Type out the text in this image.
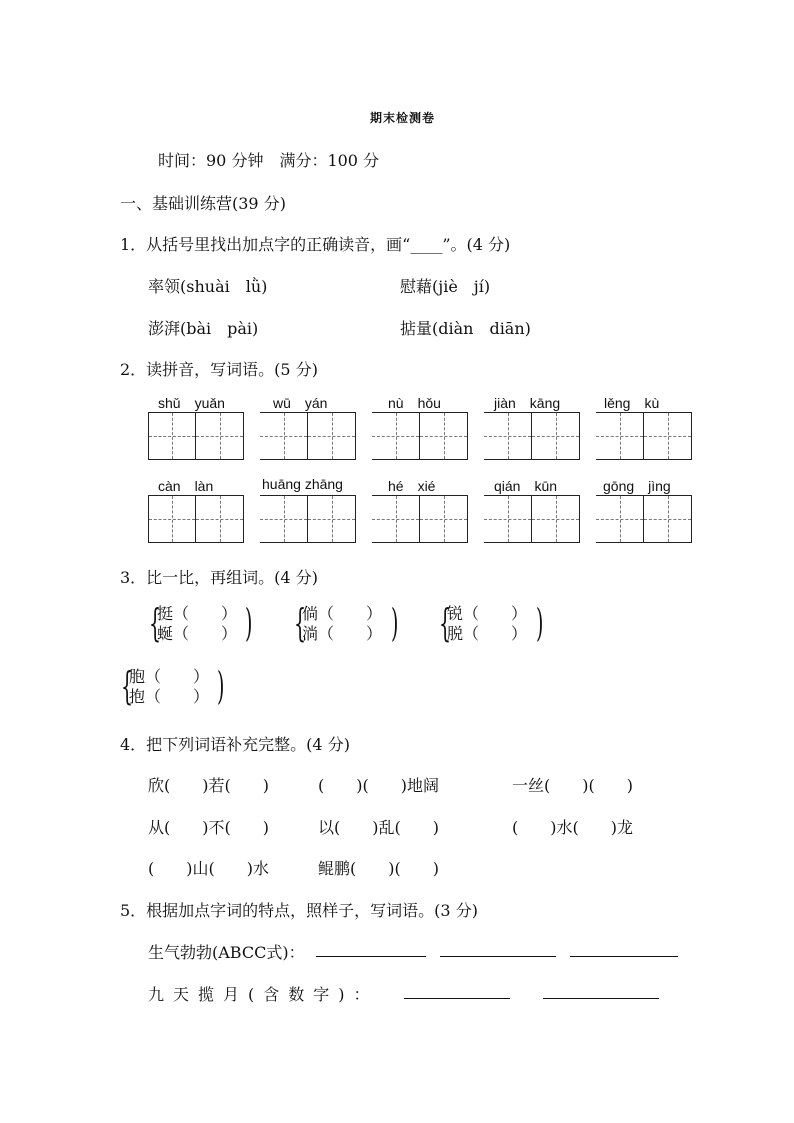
期末检测卷
时间：90 分钟　满分：100 分
一、基础训练营(39 分)
1．从括号里找出加点字的正确读音，画“____”。(4 分)
率领(shuài　lǜ)	慰藉(jiè　jí)
澎湃(bài　pài)	掂量(diàn　diān)
2．读拼音，写词语。(5 分)
shǔ　yuǎn	wū　yán	nù　hǒu	jiàn　kāng	lěng　kù
càn　làn	huāng zhāng	hé　xié	qián　kūn	gōng　jìng
3．比一比，再组词。(4 分)
{
挺（　　）
蜒（　　） ) {
倘（　　）
淌（　　） ) {
锐（　　）
脱（　　） )
{
胞（　　）
抱（　　） )
4．把下列词语补充完整。(4 分)
欣(　　)若(　　)	(　　)(　　)地阔	一丝(　　)(　　)
从(　　)不(　　)	以(　　)乱(　　)	(　　)水(　　)龙
(　　)山(　　)水	鲲鹏(　　)(　　)
5．根据加点字词的特点，照样子，写词语。(3 分)
生气勃勃(ABCC式)：
九天揽月(含数字)：
